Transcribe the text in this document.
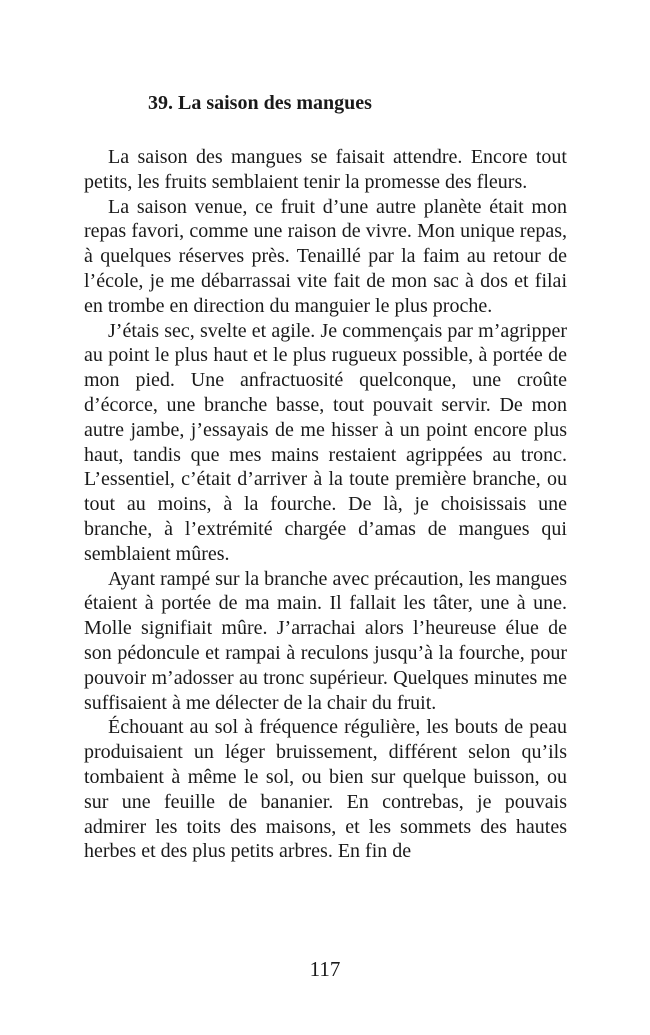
39. La saison des mangues

La saison des mangues se faisait attendre. Encore tout petits, les fruits semblaient tenir la promesse des fleurs.

La saison venue, ce fruit d’une autre planète était mon repas favori, comme une raison de vivre. Mon unique repas, à quelques réserves près. Tenaillé par la faim au retour de l’école, je me débarrassai vite fait de mon sac à dos et filai en trombe en direction du manguier le plus proche.

J’étais sec, svelte et agile. Je commençais par m’agripper au point le plus haut et le plus rugueux possible, à portée de mon pied. Une anfractuosité quelconque, une croûte d’écorce, une branche basse, tout pouvait servir. De mon autre jambe, j’essayais de me hisser à un point encore plus haut, tandis que mes mains restaient agrippées au tronc. L’essentiel, c’était d’arriver à la toute première branche, ou tout au moins, à la fourche. De là, je choisissais une branche, à l’extrémité chargée d’amas de mangues qui semblaient mûres.

Ayant rampé sur la branche avec précaution, les mangues étaient à portée de ma main. Il fallait les tâter, une à une. Molle signifiait mûre. J’arrachai alors l’heureuse élue de son pédoncule et rampai à reculons jusqu’à la fourche, pour pouvoir m’adosser au tronc supérieur. Quelques minutes me suffisaient à me délecter de la chair du fruit.

Échouant au sol à fréquence régulière, les bouts de peau produisaient un léger bruissement, différent selon qu’ils tombaient à même le sol, ou bien sur quelque buisson, ou sur une feuille de bananier. En contrebas, je pouvais admirer les toits des maisons, et les sommets des hautes herbes et des plus petits arbres. En fin de

117
